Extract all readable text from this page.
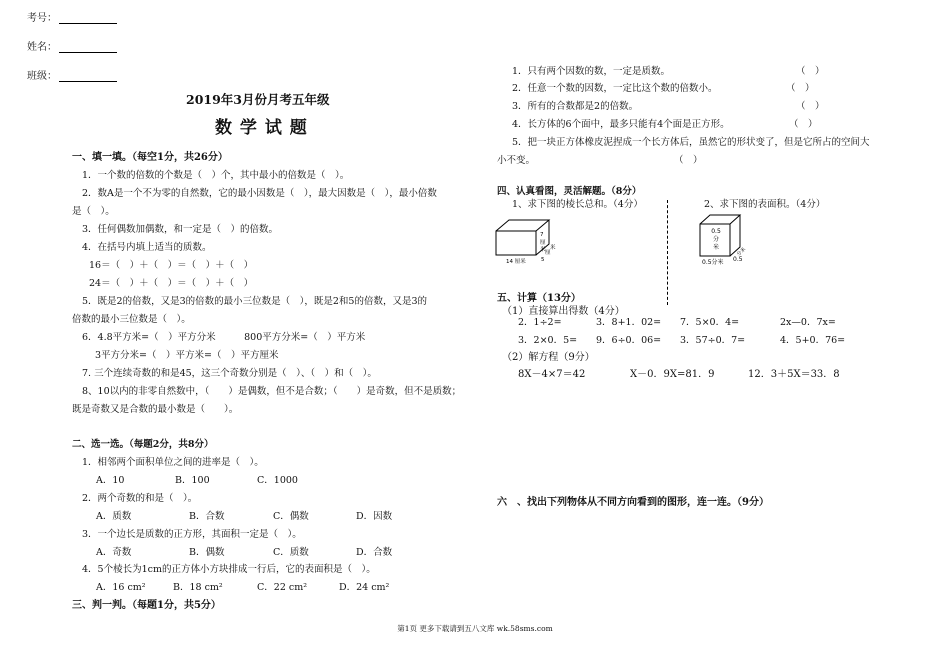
考号：
姓名：
班级：
2019年3月份月考五年级
数 学 试 题
一、填一填。（每空1分，共26分）
1．一个数的倍数的个数是（　）个，其中最小的倍数是（　）。
2．数A是一个不为零的自然数，它的最小因数是（　），最大因数是（　），最小倍数
是（　）。
3．任何偶数加偶数，和一定是（　）的倍数。
4．在括号内填上适当的质数。
16＝（　）＋（　）＝（　）＋（　）
24＝（　）＋（　）＝（　）＋（　）
5．既是2的倍数，又是3的倍数的最小三位数是（　），既是2和5的倍数，又是3的
倍数的最小三位数是（　）。
6．4.8平方米=（　）平方分米　　　800平方分米=（　）平方米
3平方分米=（　）平方米=（　）平方厘米
7. 三个连续奇数的和是45，这三个奇数分别是（　）、（　）和（　）。
8、10以内的非零自然数中，（　　）是偶数，但不是合数；（　　）是奇数，但不是质数；
既是奇数又是合数的最小数是（　　）。
二、选一选。（每题2分，共8分）
1．相邻两个面积单位之间的进率是（　）。
A．10	B．100	C．1000
2．两个奇数的和是（　）。
A．质数	B．合数	C．偶数	D．因数
3．一个边长是质数的正方形，其面积一定是（　）。
A．奇数	B．偶数	C．质数	D．合数
4．5个棱长为1cm的正方体小方块排成一行后，它的表面积是（　）。
A．16 cm²	B．18 cm²	C．22 cm²	D．24 cm²
三、判一判。（每题1分，共5分）
1．只有两个因数的数，一定是质数。	（　）
2．任意一个数的因数，一定比这个数的倍数小。	（　）
3．所有的合数都是2的倍数。	（　）
4．长方体的6个面中，最多只能有4个面是正方形。	（　）
5．把一块正方体橡皮泥捏成一个长方体后，虽然它的形状变了，但是它所占的空间大
小不变。	（　）
四、认真看图，灵活解题。（8分）
1、求下图的棱长总和。（4分）	2、求下图的表面积。（4分）
14 厘米	5
厘
米
7
厘
米
0.5
分
米
0.5分米 0.5
分米
五、计算（13分）
（1）直接算出得数（4分）
2．1÷2=	3．8+1．02= 7．5×0．4=	2x—0．7x=
3．2×0．5= 9．6÷0．06= 3．57÷0．7=	4．5+0．76=
（2）解方程（9分）
8X－4×7＝42	X－0．9X=81．9	12．3＋5X＝33．8
六　、找出下列物体从不同方向看到的图形，连一连。（9分）
第1页 更多下载请到五八文库 wk.58sms.com
